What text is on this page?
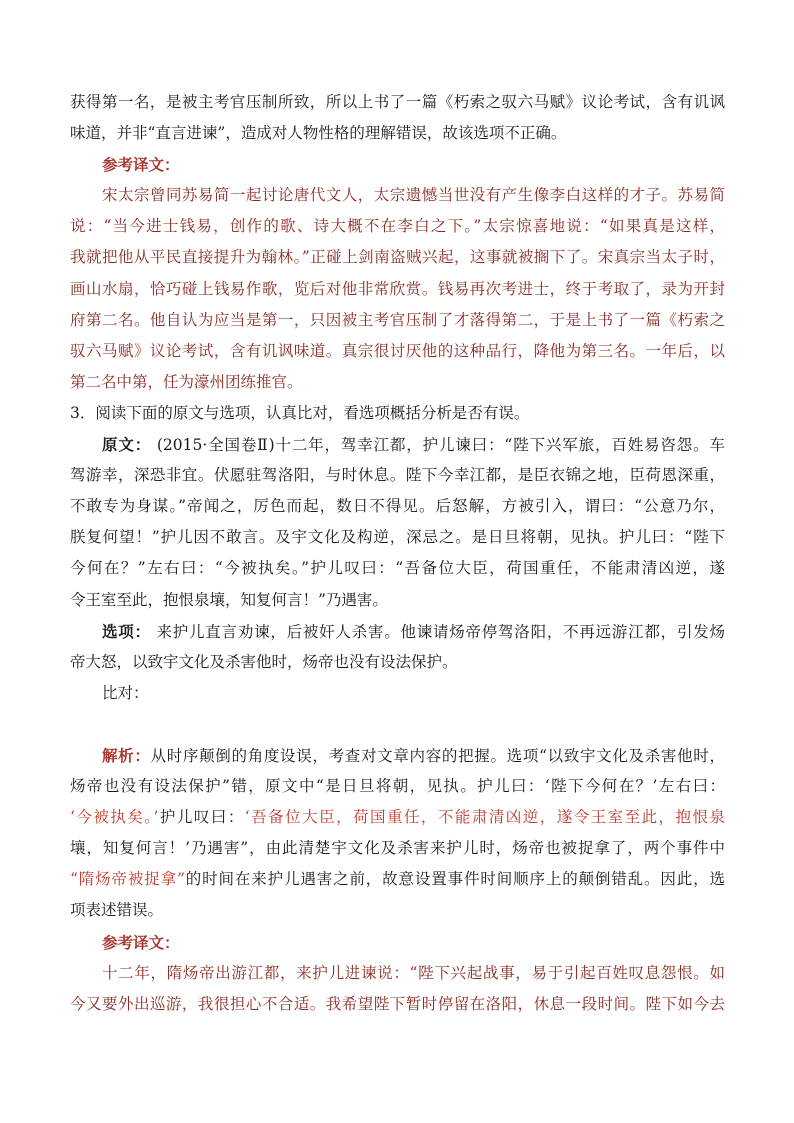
获得第一名，是被主考官压制所致，所以上书了一篇《朽索之驭六马赋》议论考试，含有讥讽
味道，并非“直言进谏”，造成对人物性格的理解错误，故该选项不正确。
参考译文：
宋太宗曾同苏易简一起讨论唐代文人，太宗遗憾当世没有产生像李白这样的才子。苏易简
说：“当今进士钱易，创作的歌、诗大概不在李白之下。”太宗惊喜地说：“如果真是这样，
我就把他从平民直接提升为翰林。”正碰上剑南盗贼兴起，这事就被搁下了。宋真宗当太子时，
画山水扇，恰巧碰上钱易作歌，览后对他非常欣赏。钱易再次考进士，终于考取了，录为开封
府第二名。他自认为应当是第一，只因被主考官压制了才落得第二，于是上书了一篇《朽索之
驭六马赋》议论考试，含有讥讽味道。真宗很讨厌他的这种品行，降他为第三名。一年后，以
第二名中第，任为濠州团练推官。
3．阅读下面的原文与选项，认真比对，看选项概括分析是否有误。
原文： (2015·全国卷Ⅱ)十二年，驾幸江都，护儿谏曰：“陛下兴军旅，百姓易咨怨。车
驾游幸，深恐非宜。伏愿驻驾洛阳，与时休息。陛下今幸江都，是臣衣锦之地，臣荷恩深重，
不敢专为身谋。”帝闻之，厉色而起，数日不得见。后怒解，方被引入，谓曰：“公意乃尔，
朕复何望！”护儿因不敢言。及宇文化及构逆，深忌之。是日旦将朝，见执。护儿曰：“陛下
今何在？”左右曰：“今被执矣。”护儿叹曰：“吾备位大臣，荷国重任，不能肃清凶逆，遂
令王室至此，抱恨泉壤，知复何言！”乃遇害。
选项： 来护儿直言劝谏，后被奸人杀害。他谏请炀帝停驾洛阳，不再远游江都，引发炀
帝大怒，以致宇文化及杀害他时，炀帝也没有设法保护。
比对：
解析：从时序颠倒的角度设误，考查对文章内容的把握。选项“以致宇文化及杀害他时，
炀帝也没有设法保护”错，原文中“是日旦将朝，见执。护儿曰：‘陛下今何在？’左右曰：
‘今被执矣。’护儿叹曰：‘吾备位大臣，荷国重任，不能肃清凶逆，遂令王室至此，抱恨泉
壤，知复何言！’乃遇害”，由此清楚宇文化及杀害来护儿时，炀帝也被捉拿了，两个事件中
“隋炀帝被捉拿”的时间在来护儿遇害之前，故意设置事件时间顺序上的颠倒错乱。因此，选
项表述错误。
参考译文：
十二年，隋炀帝出游江都，来护儿进谏说：“陛下兴起战事，易于引起百姓叹息怨恨。如
今又要外出巡游，我很担心不合适。我希望陛下暂时停留在洛阳，休息一段时间。陛下如今去
